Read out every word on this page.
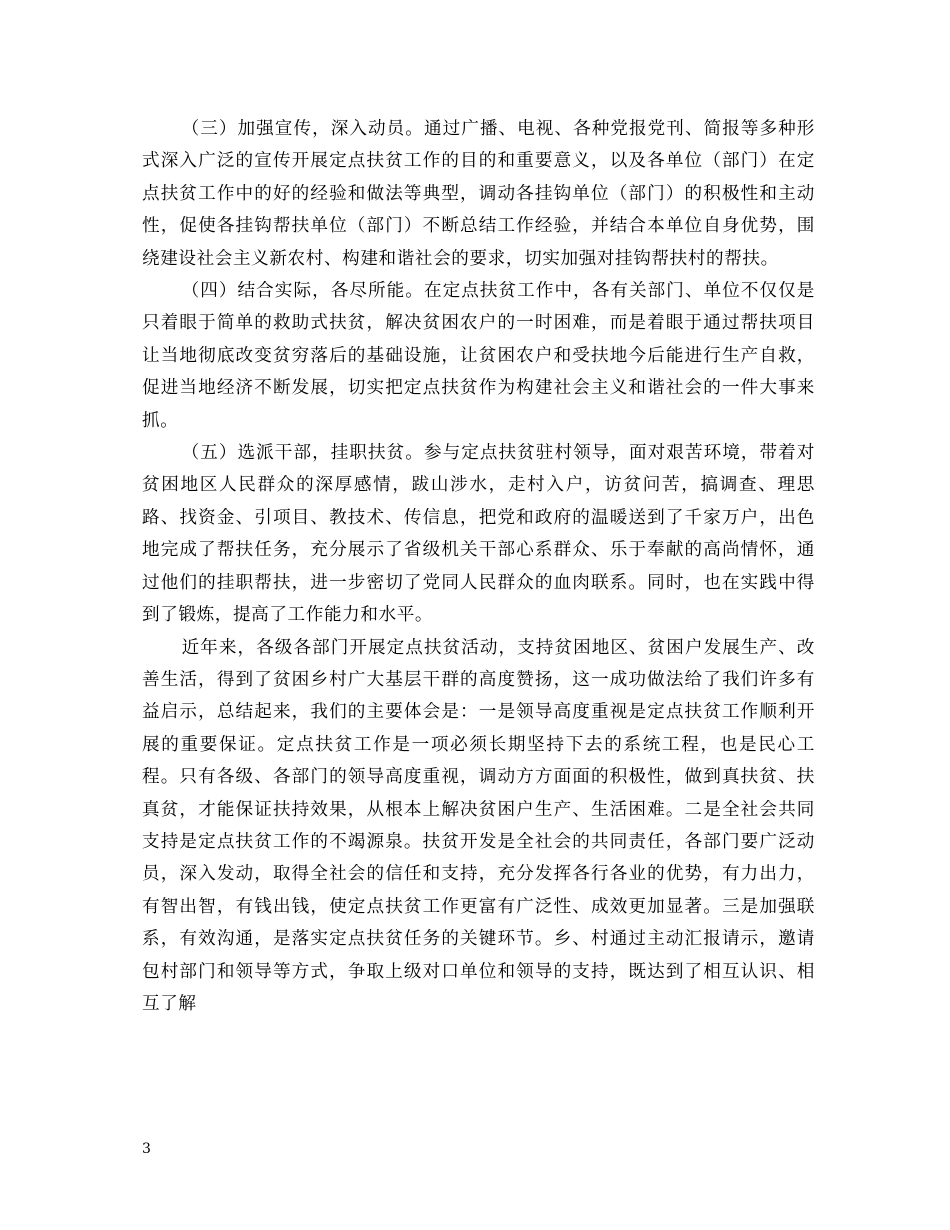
（三）加强宣传，深入动员。通过广播、电视、各种党报党刊、简报等多种形式深入广泛的宣传开展定点扶贫工作的目的和重要意义，以及各单位（部门）在定点扶贫工作中的好的经验和做法等典型，调动各挂钩单位（部门）的积极性和主动性，促使各挂钩帮扶单位（部门）不断总结工作经验，并结合本单位自身优势，围绕建设社会主义新农村、构建和谐社会的要求，切实加强对挂钩帮扶村的帮扶。

（四）结合实际，各尽所能。在定点扶贫工作中，各有关部门、单位不仅仅是只着眼于简单的救助式扶贫，解决贫困农户的一时困难，而是着眼于通过帮扶项目让当地彻底改变贫穷落后的基础设施，让贫困农户和受扶地今后能进行生产自救，促进当地经济不断发展，切实把定点扶贫作为构建社会主义和谐社会的一件大事来抓。

（五）选派干部，挂职扶贫。参与定点扶贫驻村领导，面对艰苦环境，带着对贫困地区人民群众的深厚感情，跋山涉水，走村入户，访贫问苦，搞调查、理思路、找资金、引项目、教技术、传信息，把党和政府的温暖送到了千家万户，出色地完成了帮扶任务，充分展示了省级机关干部心系群众、乐于奉献的高尚情怀，通过他们的挂职帮扶，进一步密切了党同人民群众的血肉联系。同时，也在实践中得到了锻炼，提高了工作能力和水平。

近年来，各级各部门开展定点扶贫活动，支持贫困地区、贫困户发展生产、改善生活，得到了贫困乡村广大基层干群的高度赞扬，这一成功做法给了我们许多有益启示，总结起来，我们的主要体会是：一是领导高度重视是定点扶贫工作顺利开展的重要保证。定点扶贫工作是一项必须长期坚持下去的系统工程，也是民心工程。只有各级、各部门的领导高度重视，调动方方面面的积极性，做到真扶贫、扶真贫，才能保证扶持效果，从根本上解决贫困户生产、生活困难。二是全社会共同支持是定点扶贫工作的不竭源泉。扶贫开发是全社会的共同责任，各部门要广泛动员，深入发动，取得全社会的信任和支持，充分发挥各行各业的优势，有力出力，有智出智，有钱出钱，使定点扶贫工作更富有广泛性、成效更加显著。三是加强联系，有效沟通，是落实定点扶贫任务的关键环节。乡、村通过主动汇报请示，邀请包村部门和领导等方式，争取上级对口单位和领导的支持，既达到了相互认识、相互了解

3
